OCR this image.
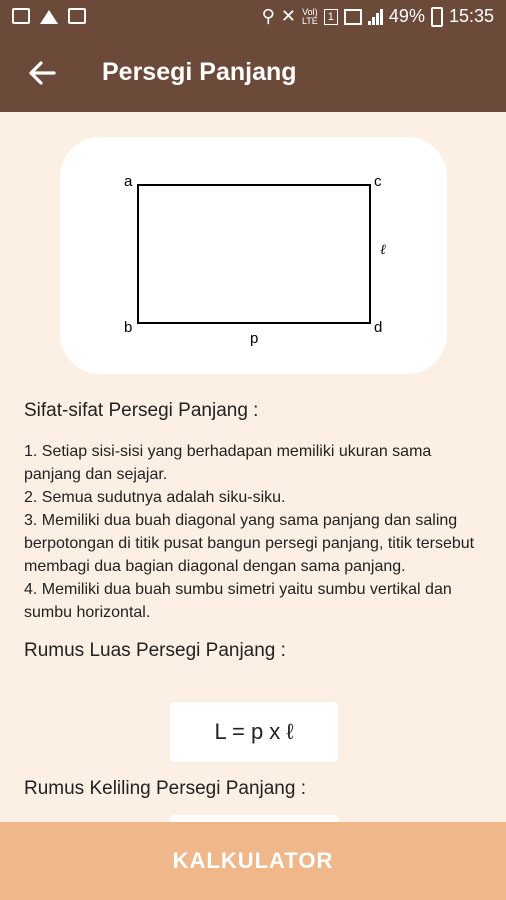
⚲ ✕ Vol)
LTE 1	49% 15:35
Persegi Panjang
a	c
b	d
p
ℓ
Sifat-sifat Persegi Panjang :

1. Setiap sisi-sisi yang berhadapan memiliki ukuran sama panjang dan sejajar.

2. Semua sudutnya adalah siku-siku.

3. Memiliki dua buah diagonal yang sama panjang dan saling berpotongan di titik pusat bangun persegi panjang, titik tersebut membagi dua bagian diagonal dengan sama panjang.

4. Memiliki dua buah sumbu simetri yaitu sumbu vertikal dan sumbu horizontal.

Rumus Luas Persegi Panjang :
L = p x ℓ
Rumus Keliling Persegi Panjang :
KALKULATOR
